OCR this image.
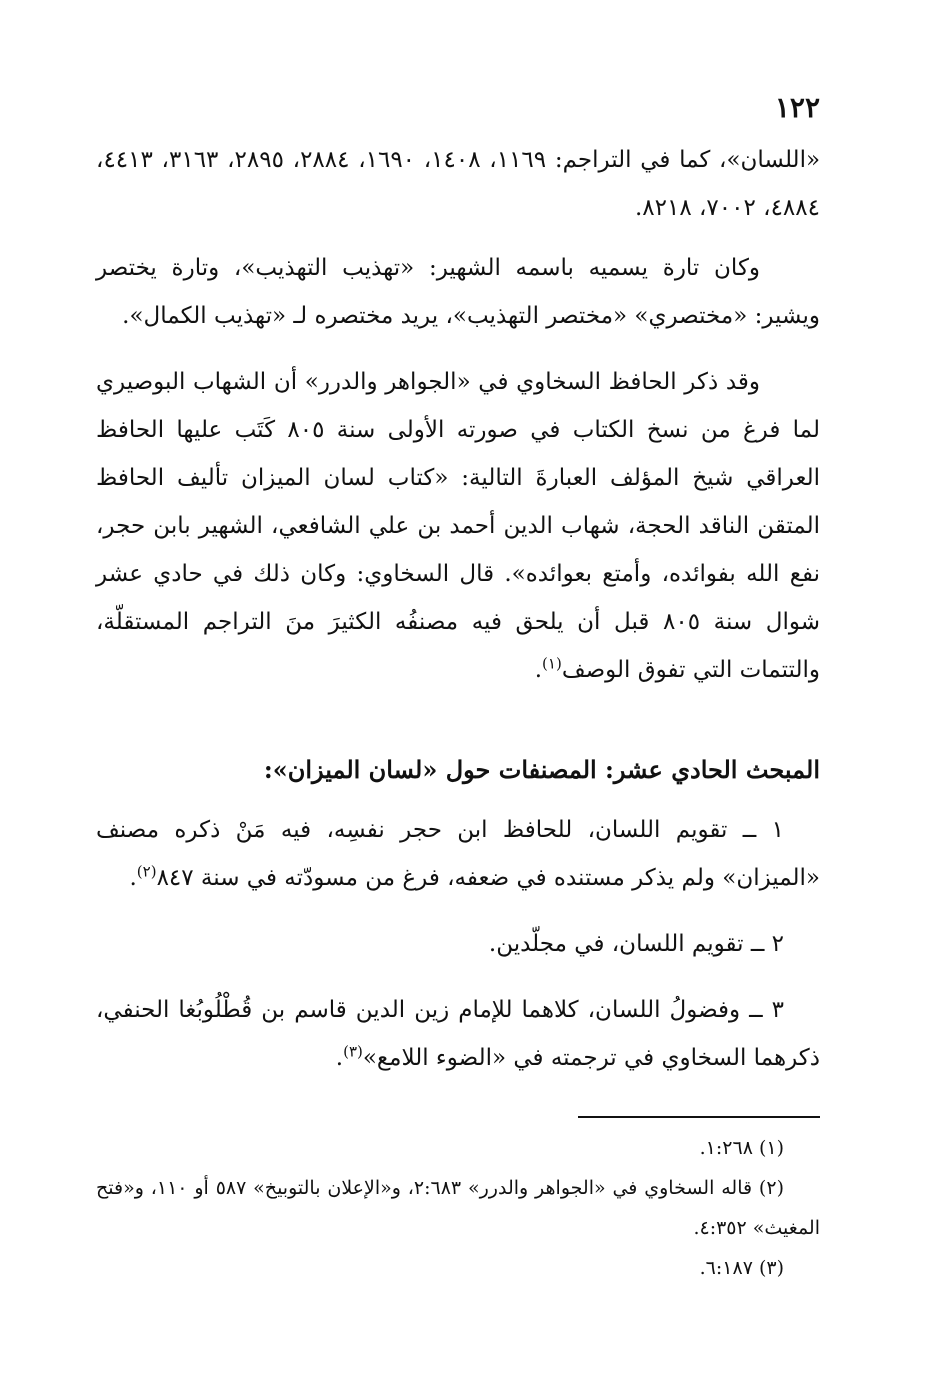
١٢٢

«اللسان»، كما في التراجم: ١١٦٩، ١٤٠٨، ١٦٩٠، ٢٨٨٤، ٢٨٩٥، ٣١٦٣، ٤٤١٣، ٤٨٨٤، ٧٠٠٢، ٨٢١٨.

وكان تارة يسميه باسمه الشهير: «تهذيب التهذيب»، وتارة يختصر ويشير: «مختصري» «مختصر التهذيب»، يريد مختصره لـ «تهذيب الكمال».

وقد ذكر الحافظ السخاوي في «الجواهر والدرر» أن الشهاب البوصيري لما فرغ من نسخ الكتاب في صورته الأولى سنة ٨٠٥ كَتَب عليها الحافظ العراقي شيخ المؤلف العبارةَ التالية: «كتاب لسان الميزان تأليف الحافظ المتقن الناقد الحجة، شهاب الدين أحمد بن علي الشافعي، الشهير بابن حجر، نفع الله بفوائده، وأمتع بعوائده». قال السخاوي: وكان ذلك في حادي عشر شوال سنة ٨٠٥ قبل أن يلحق فيه مصنفُه الكثيرَ منَ التراجم المستقلّة، والتتمات التي تفوق الوصف$^{(١)}$.

المبحث الحادي عشر: المصنفات حول «لسان الميزان»:

١ ــ تقويم اللسان، للحافظ ابن حجر نفسِه، فيه مَنْ ذكره مصنف «الميزان» ولم يذكر مستنده في ضعفه، فرغ من مسودّته في سنة ٨٤٧$^{(٢)}$.

٢ ــ تقويم اللسان، في مجلّدين.

٣ ــ وفضولُ اللسان، كلاهما للإمام زين الدين قاسم بن قُطْلُوبُغا الحنفي، ذكرهما السخاوي في ترجمته في «الضوء اللامع»$^{(٣)}$.

(١) ١:٢٦٨.

(٢) قاله السخاوي في «الجواهر والدرر» ٢:٦٨٣، و«الإعلان بالتوبيخ» ٥٨٧ أو ١١٠، و«فتح المغيث» ٤:٣٥٢.

(٣) ٦:١٨٧.
